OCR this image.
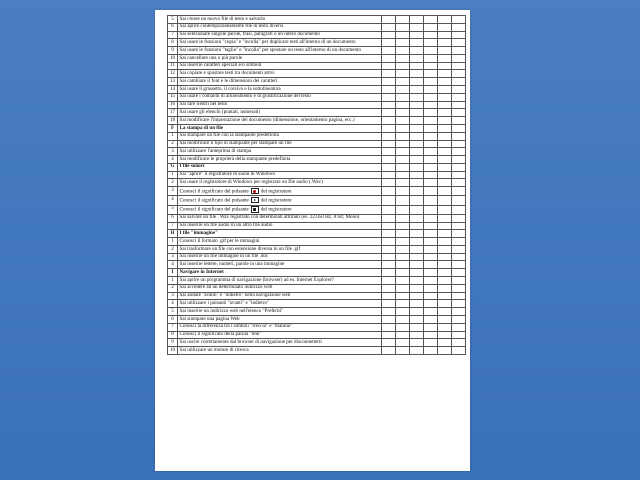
5	Sai creare un nuovo file di testo e salvarlo						
6	Sai aprire contemporaneamente file di testo diversi						
7	Sai selezionare singole parole, frasi, paragrafi o un intero documento						
8	Sai usare le funzioni "copia" e "incolla" per duplicare testi all'interno di un documento						
9	Sai usare le funzioni "taglia" e "incolla" per spostare un testo all'interno di un documento						
10	Sai cancellare una o più parole						
11	Sai inserire caratteri speciali e/o simboli						
12	Sai copiare e spostare testi tra documenti attivi						
13	Sai cambiare il font e le dimensioni dei caratteri						
14	Sai usare il grassetto, il corsivo e la sottolineatura						
15	Sai usare i comandi di allineamento e di giustificazione del testo						
16	Sai fare rientri nel testo						
17	Sai usare gli elenchi (puntati, numerati)						
18	Sai modificare l'impostazione del documento (dimensione, orientamento pagina, ecc.)						
F	La stampa di un file						
1	Sai stampare un file con la stampante predefinita						
2	Sai modificare il tipo di stampante per stampare un file						
3	Sai utilizzare l'anteprima di stampa						
4	Sai modificare le proprietà della stampante predefinita						
G	I file sonori						
1	Sai "aprire" il registratore di suoni di Windows						
2	Sai usare il registratore di Windows per registrare un file audio (.Wav)						
3	Conosci il significato del pulsante del registratore						
4	Conosci il significato del pulsante del registratore						
5	Conosci il significato del pulsante del registratore						
6	Sai salvare un file . Wav registrato con determinati attributi (es. 22.050 Hz, 8 bit; Mono)						
7	Sai inserire un file audio in un altro file audio						
H	I file "immagine"						
1	Conosci il formato .gif per le immagini						
2	Sai trasformare un file con estensione diversa in un file .gif						
3	Sai inserire un file immagine in un file .doc						
4	Sai inserire lettere, numeri, parole in una immagine						
I	Navigare in Internet						
1	Sai aprire un programma di navigazione (browser) ad es. Internet Explorer?						
2	Sai accedere ad un determinato indirizzo web						
3	Sai andare "avanti" e "indietro" nella navigazione web						
4	Sai utilizzare i pulsanti "avanti" e "indietro"						
5	Sai inserire un indirizzo web nell'elenco "Preferiti"						
6	Sai stampare una pagina Web						
7	Conosci la differenza tra i simboli "freccia" e "manina"						
8	Conosci il significato della parola "link"						
9	Sai uscire correttamente dal browser di navigazione per disconnetterti						
10	Sai utilizzare un motore di ricerca						
